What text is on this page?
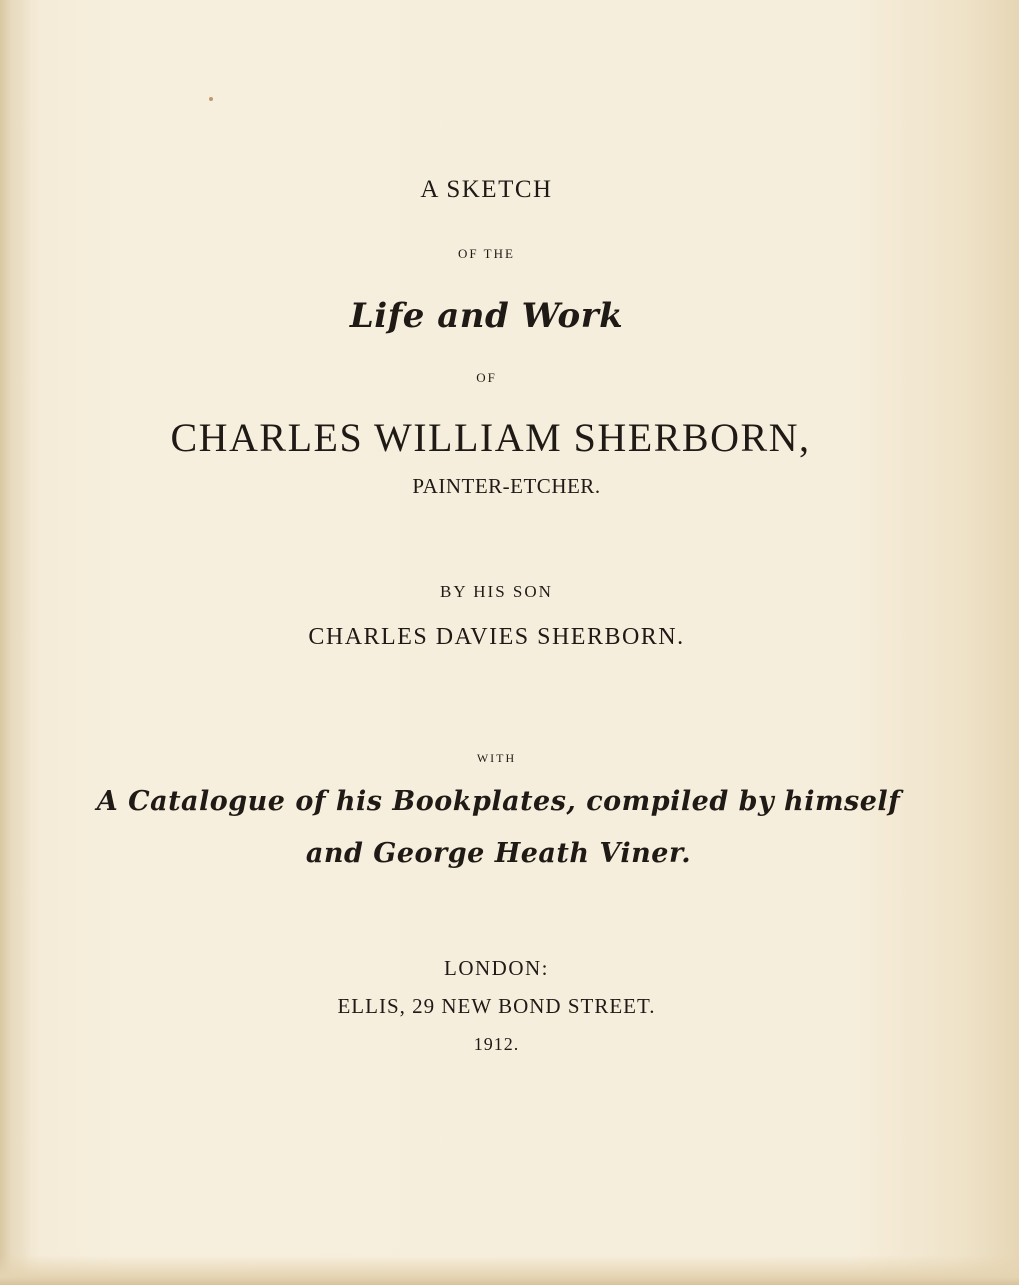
A SKETCH
OF THE
Life and Work
OF
CHARLES WILLIAM SHERBORN,
PAINTER-ETCHER.
BY HIS SON
CHARLES DAVIES SHERBORN.
WITH
A Catalogue of his Bookplates, compiled by himself
and George Heath Viner.
LONDON:
ELLIS, 29 NEW BOND STREET.
1912.
